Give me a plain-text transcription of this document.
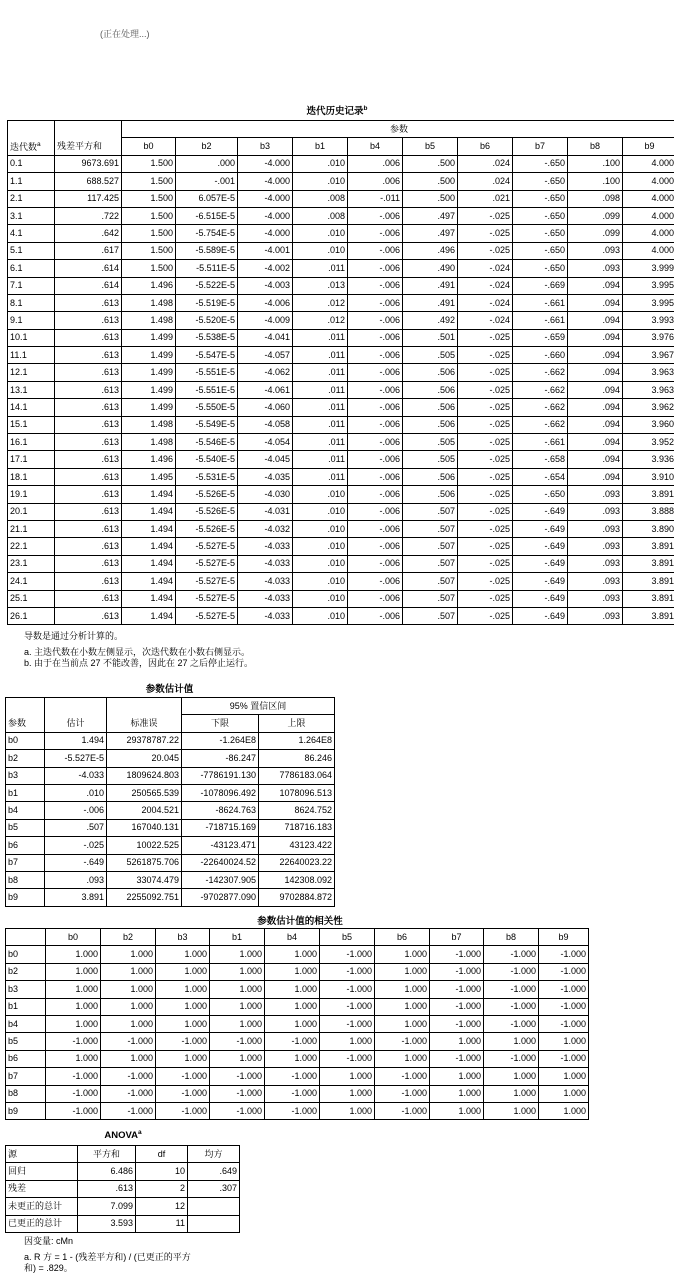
(正在处理...)
迭代历史记录$^b$
		参数									
迭代数$^a$	残差平方和	b0	b2	b3	b1	b4	b5	b6	b7	b8	b9
0.1	9673.691	1.500	.000	-4.000	.010	.006	.500	.024	-.650	.100	4.000
1.1	688.527	1.500	-.001	-4.000	.010	.006	.500	.024	-.650	.100	4.000
2.1	117.425	1.500	6.057E-5	-4.000	.008	-.011	.500	.021	-.650	.098	4.000
3.1	.722	1.500	-6.515E-5	-4.000	.008	-.006	.497	-.025	-.650	.099	4.000
4.1	.642	1.500	-5.754E-5	-4.000	.010	-.006	.497	-.025	-.650	.099	4.000
5.1	.617	1.500	-5.589E-5	-4.001	.010	-.006	.496	-.025	-.650	.093	4.000
6.1	.614	1.500	-5.511E-5	-4.002	.011	-.006	.490	-.024	-.650	.093	3.999
7.1	.614	1.496	-5.522E-5	-4.003	.013	-.006	.491	-.024	-.669	.094	3.995
8.1	.613	1.498	-5.519E-5	-4.006	.012	-.006	.491	-.024	-.661	.094	3.995
9.1	.613	1.498	-5.520E-5	-4.009	.012	-.006	.492	-.024	-.661	.094	3.993
10.1	.613	1.499	-5.538E-5	-4.041	.011	-.006	.501	-.025	-.659	.094	3.976
11.1	.613	1.499	-5.547E-5	-4.057	.011	-.006	.505	-.025	-.660	.094	3.967
12.1	.613	1.499	-5.551E-5	-4.062	.011	-.006	.506	-.025	-.662	.094	3.963
13.1	.613	1.499	-5.551E-5	-4.061	.011	-.006	.506	-.025	-.662	.094	3.963
14.1	.613	1.499	-5.550E-5	-4.060	.011	-.006	.506	-.025	-.662	.094	3.962
15.1	.613	1.498	-5.549E-5	-4.058	.011	-.006	.506	-.025	-.662	.094	3.960
16.1	.613	1.498	-5.546E-5	-4.054	.011	-.006	.505	-.025	-.661	.094	3.952
17.1	.613	1.496	-5.540E-5	-4.045	.011	-.006	.505	-.025	-.658	.094	3.936
18.1	.613	1.495	-5.531E-5	-4.035	.011	-.006	.506	-.025	-.654	.094	3.910
19.1	.613	1.494	-5.526E-5	-4.030	.010	-.006	.506	-.025	-.650	.093	3.891
20.1	.613	1.494	-5.526E-5	-4.031	.010	-.006	.507	-.025	-.649	.093	3.888
21.1	.613	1.494	-5.526E-5	-4.032	.010	-.006	.507	-.025	-.649	.093	3.890
22.1	.613	1.494	-5.527E-5	-4.033	.010	-.006	.507	-.025	-.649	.093	3.891
23.1	.613	1.494	-5.527E-5	-4.033	.010	-.006	.507	-.025	-.649	.093	3.891
24.1	.613	1.494	-5.527E-5	-4.033	.010	-.006	.507	-.025	-.649	.093	3.891
25.1	.613	1.494	-5.527E-5	-4.033	.010	-.006	.507	-.025	-.649	.093	3.891
26.1	.613	1.494	-5.527E-5	-4.033	.010	-.006	.507	-.025	-.649	.093	3.891
导数是通过分析计算的。
a. 主迭代数在小数左侧显示，次迭代数在小数右侧显示。
b. 由于在当前点 27 不能改善，因此在 27 之后停止运行。
参数估计值
			95% 置信区间	
参数	估计	标准误	下限	上限
b0	1.494	29378787.22	-1.264E8	1.264E8
b2	-5.527E-5	20.045	-86.247	86.246
b3	-4.033	1809624.803	-7786191.130	7786183.064
b1	.010	250565.539	-1078096.492	1078096.513
b4	-.006	2004.521	-8624.763	8624.752
b5	.507	167040.131	-718715.169	718716.183
b6	-.025	10022.525	-43123.471	43123.422
b7	-.649	5261875.706	-22640024.52	22640023.22
b8	.093	33074.479	-142307.905	142308.092
b9	3.891	2255092.751	-9702877.090	9702884.872
参数估计值的相关性
	b0	b2	b3	b1	b4	b5	b6	b7	b8	b9
b0	1.000	1.000	1.000	1.000	1.000	-1.000	1.000	-1.000	-1.000	-1.000
b2	1.000	1.000	1.000	1.000	1.000	-1.000	1.000	-1.000	-1.000	-1.000
b3	1.000	1.000	1.000	1.000	1.000	-1.000	1.000	-1.000	-1.000	-1.000
b1	1.000	1.000	1.000	1.000	1.000	-1.000	1.000	-1.000	-1.000	-1.000
b4	1.000	1.000	1.000	1.000	1.000	-1.000	1.000	-1.000	-1.000	-1.000
b5	-1.000	-1.000	-1.000	-1.000	-1.000	1.000	-1.000	1.000	1.000	1.000
b6	1.000	1.000	1.000	1.000	1.000	-1.000	1.000	-1.000	-1.000	-1.000
b7	-1.000	-1.000	-1.000	-1.000	-1.000	1.000	-1.000	1.000	1.000	1.000
b8	-1.000	-1.000	-1.000	-1.000	-1.000	1.000	-1.000	1.000	1.000	1.000
b9	-1.000	-1.000	-1.000	-1.000	-1.000	1.000	-1.000	1.000	1.000	1.000
ANOVA$^a$
源	平方和	df	均方
回归	6.486	10	.649
残差	.613	2	.307
未更正的总计	7.099	12	
已更正的总计	3.593	11	
因变量: cMn
a. R 方 = 1 - (残差平方和) / (已更正的平方
和) = .829。
